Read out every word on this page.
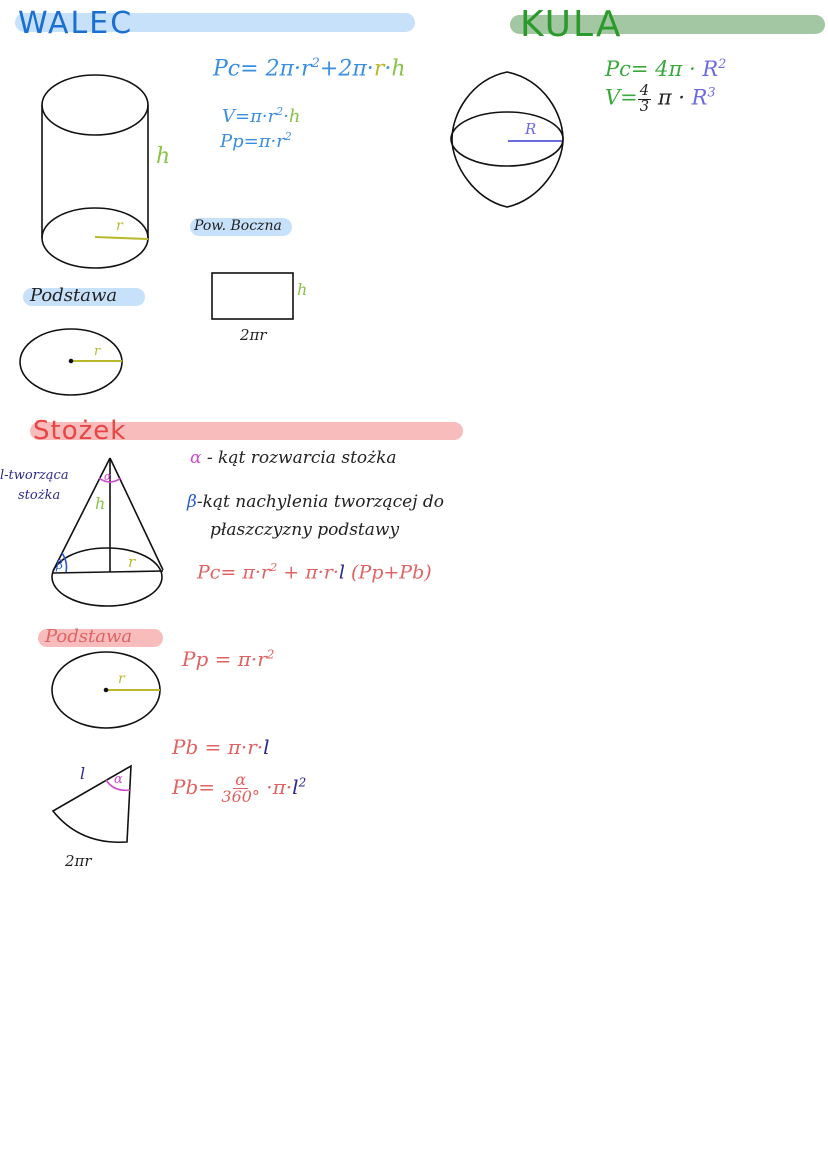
WALEC
$Pc= 2\pi\cdot r^2+2\pi\cdot r\cdot h$
$V=\pi\cdot r^2\cdot h$
$Pp=\pi\cdot r^2$
h
r	Pow. Boczna
h
2πr
Podstawa
r
KULA
R
$Pc= 4\pi \cdot R^2$
$V= \frac{4}{3}$ $\pi \cdot R^3$
Stożek
l-tworząca
stożka h
r
α
β
α - kąt rozwarcia stożka
β-kąt nachylenia tworzącej do
płaszczyzny podstawy
$Pc= \pi\cdot r^2 + \pi\cdot r\cdot l$ (Pp+Pb)
Podstawa
r
$Pp = \pi\cdot r^2$
Pb = π·r·l
$Pb= \frac{\alpha}{360^\circ} \cdot\pi\cdot l^2$
l α
2πr
